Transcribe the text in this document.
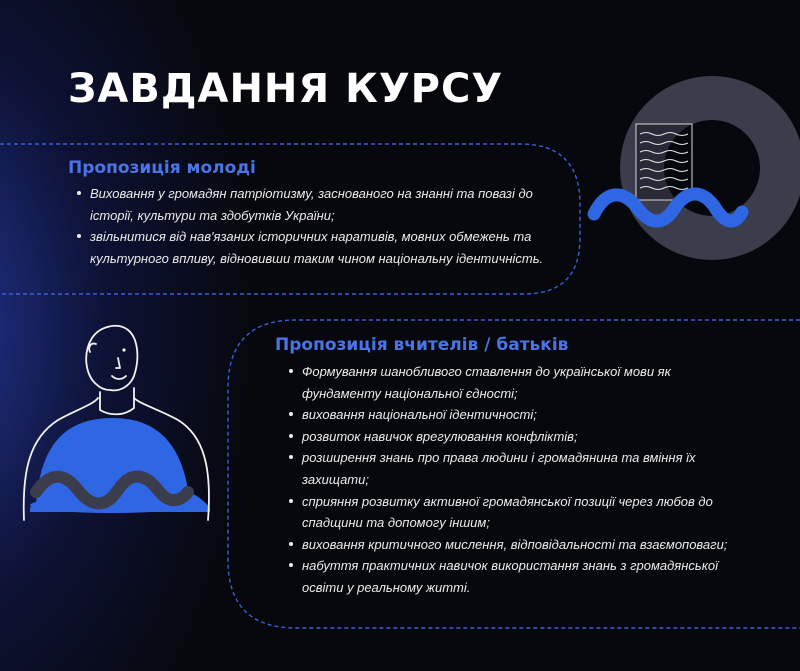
ЗАВДАННЯ КУРСУ
Пропозиція молоді
Виховання у громадян патріотизму, заснованого на знанні та повазі до історії, культури та здобутків України;
звільнитися від нав'язаних історичних наративів, мовних обмежень та культурного впливу, відновивши таким чином національну ідентичність.
Пропозиція вчителів / батьків
Формування шанобливого ставлення до української мови як фундаменту національної єдності;
виховання національної ідентичності;
розвиток навичок врегулювання конфліктів;
розширення знань про права людини і громадянина та вміння їх захищати;
сприяння розвитку активної громадянської позиції через любов до спадщини та допомогу іншим;
виховання критичного мислення, відповідальності та взаємоповаги;
набуття практичних навичок використання знань з громадянської освіти у реальному житті.
